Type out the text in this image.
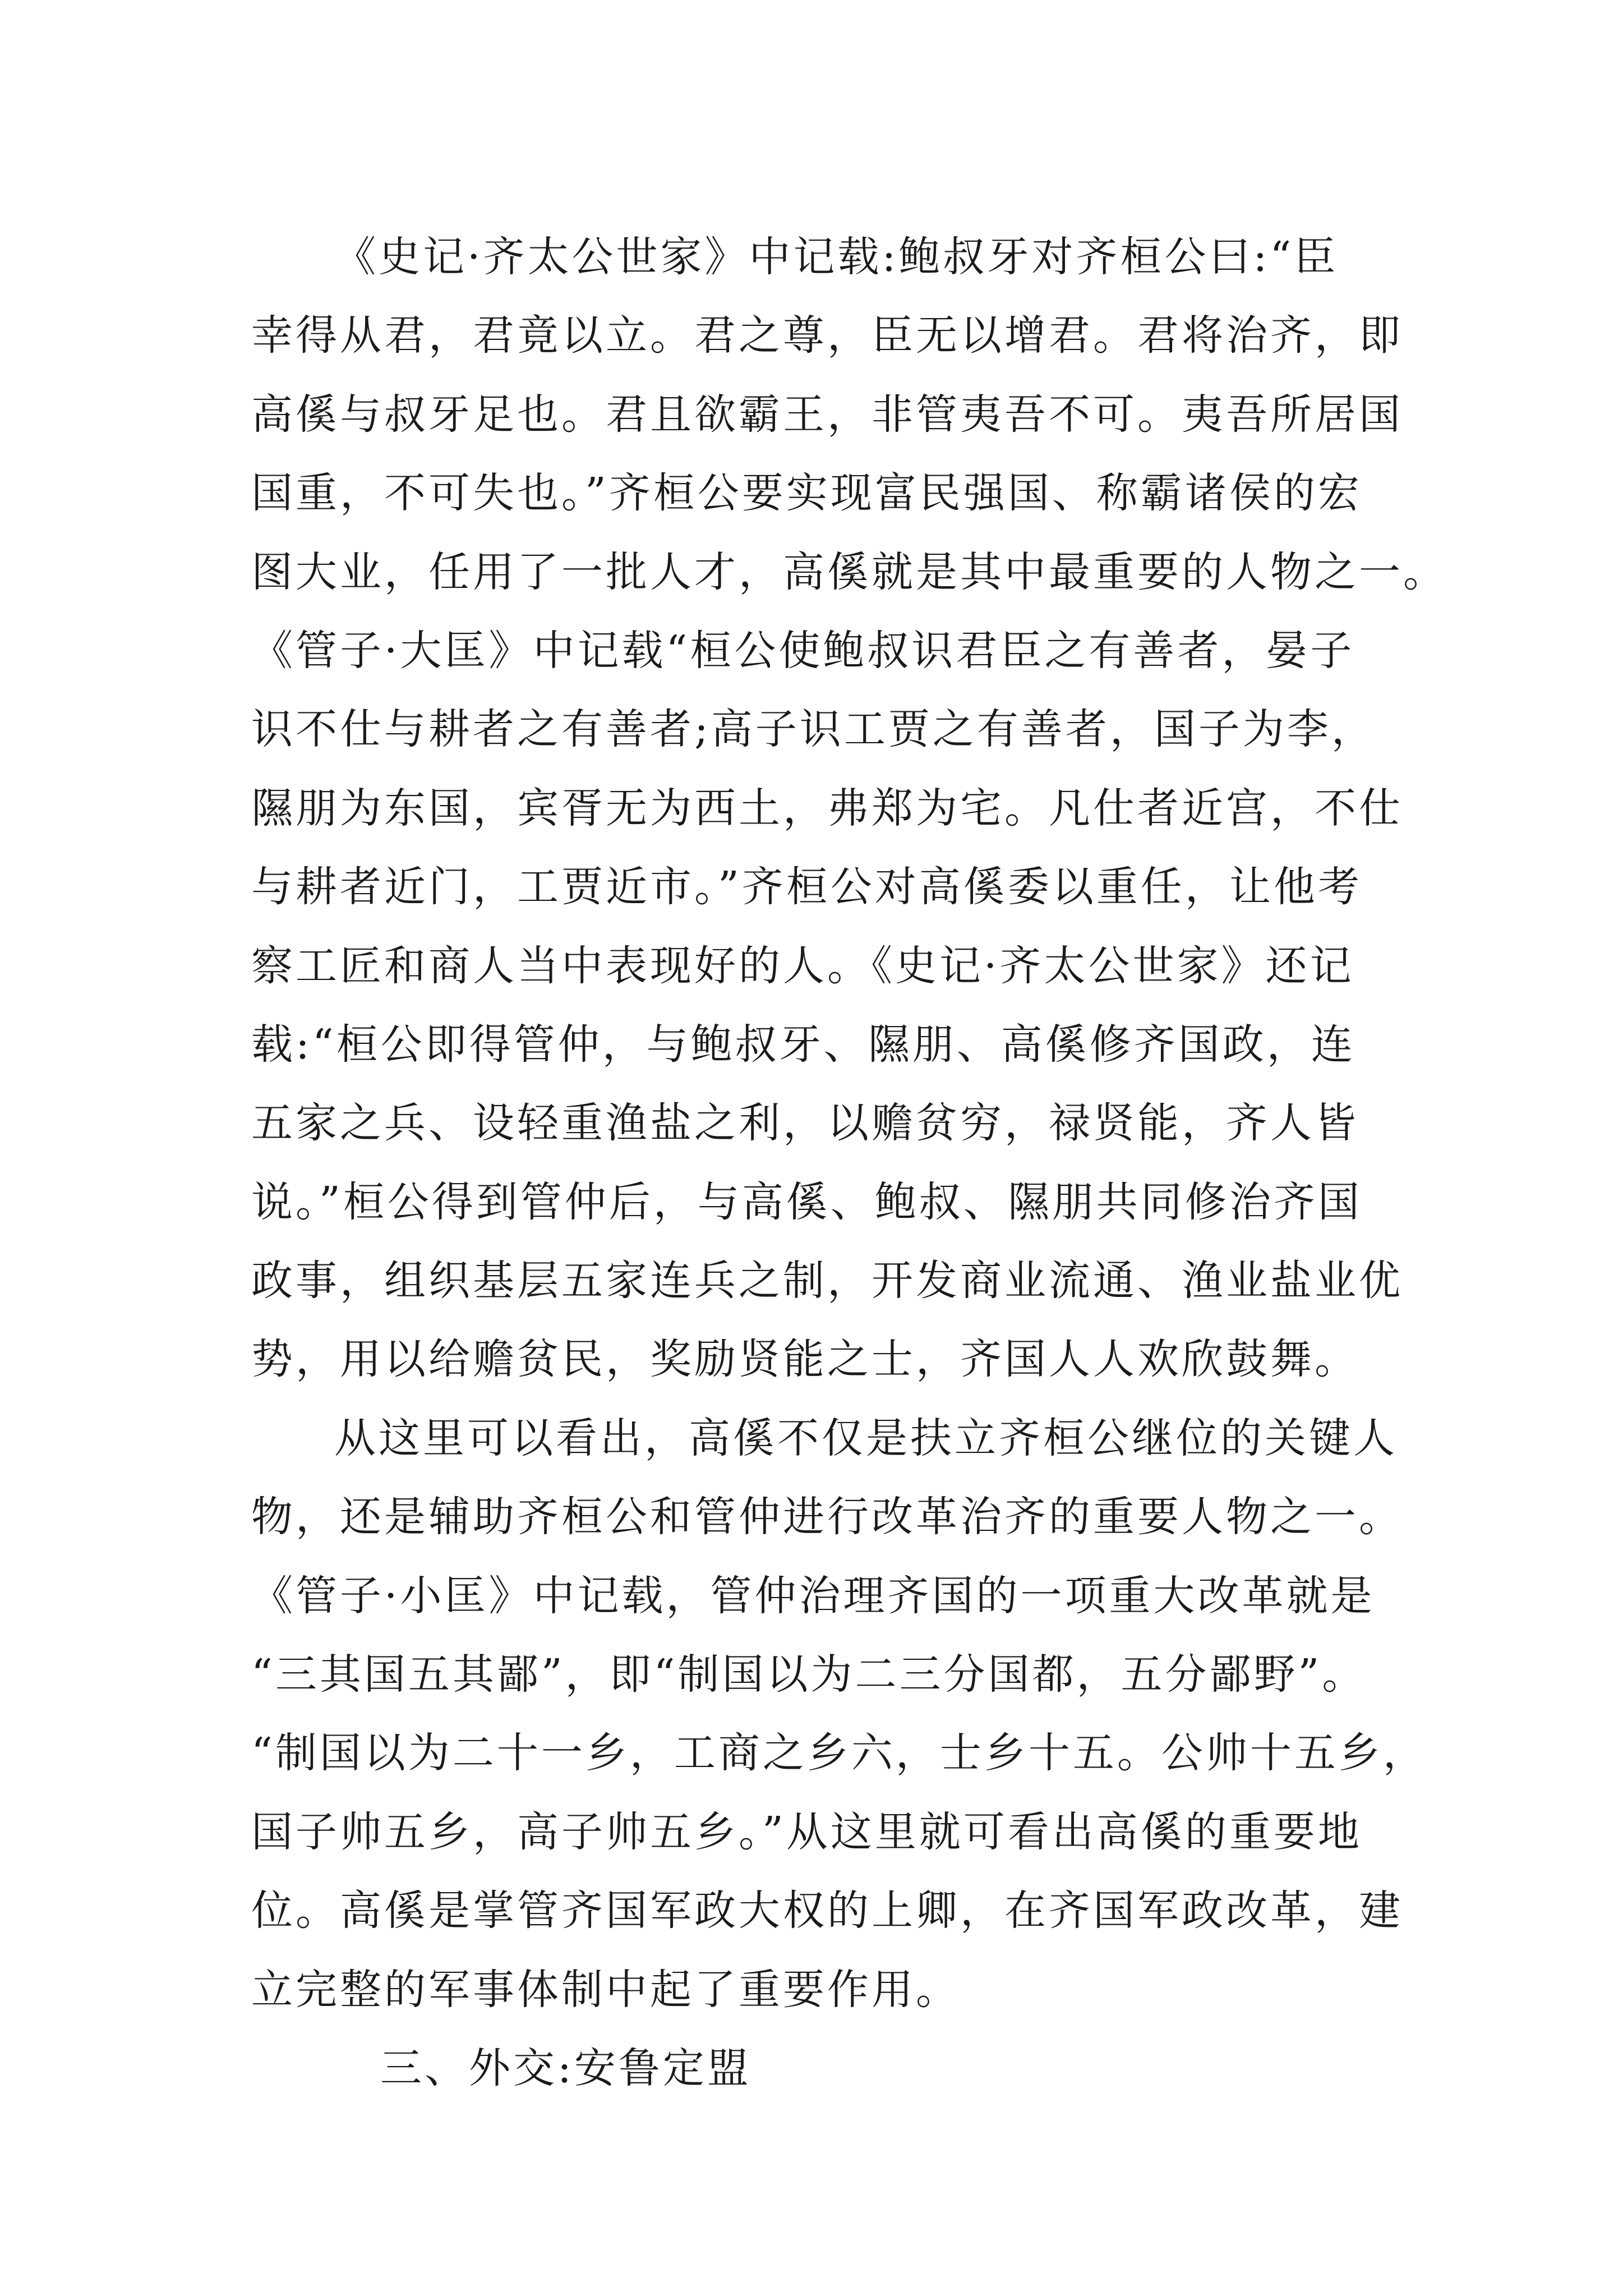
《史记·齐太公世家》中记载:鲍叔牙对齐桓公曰:“臣
幸得从君，君竟以立。君之尊，臣无以增君。君将治齐，即
高傒与叔牙足也。君且欲霸王，非管夷吾不可。夷吾所居国
国重，不可失也。”齐桓公要实现富民强国、称霸诸侯的宏
图大业，任用了一批人才，高傒就是其中最重要的人物之一。
《管子·大匡》中记载“桓公使鲍叔识君臣之有善者，晏子
识不仕与耕者之有善者;高子识工贾之有善者，国子为李，
隰朋为东国，宾胥无为西土，弗郑为宅。凡仕者近宫，不仕
与耕者近门，工贾近市。”齐桓公对高傒委以重任，让他考
察工匠和商人当中表现好的人。《史记·齐太公世家》还记
载:“桓公即得管仲，与鲍叔牙、隰朋、高傒修齐国政，连
五家之兵、设轻重渔盐之利，以赡贫穷，禄贤能，齐人皆
说。”桓公得到管仲后，与高傒、鲍叔、隰朋共同修治齐国
政事，组织基层五家连兵之制，开发商业流通、渔业盐业优
势，用以给赡贫民，奖励贤能之士，齐国人人欢欣鼓舞。
从这里可以看出，高傒不仅是扶立齐桓公继位的关键人
物，还是辅助齐桓公和管仲进行改革治齐的重要人物之一。
《管子·小匡》中记载，管仲治理齐国的一项重大改革就是
“三其国五其鄙”，即“制国以为二三分国都，五分鄙野”。
“制国以为二十一乡，工商之乡六，士乡十五。公帅十五乡，
国子帅五乡，高子帅五乡。”从这里就可看出高傒的重要地
位。高傒是掌管齐国军政大权的上卿，在齐国军政改革，建
立完整的军事体制中起了重要作用。
三、外交:安鲁定盟
